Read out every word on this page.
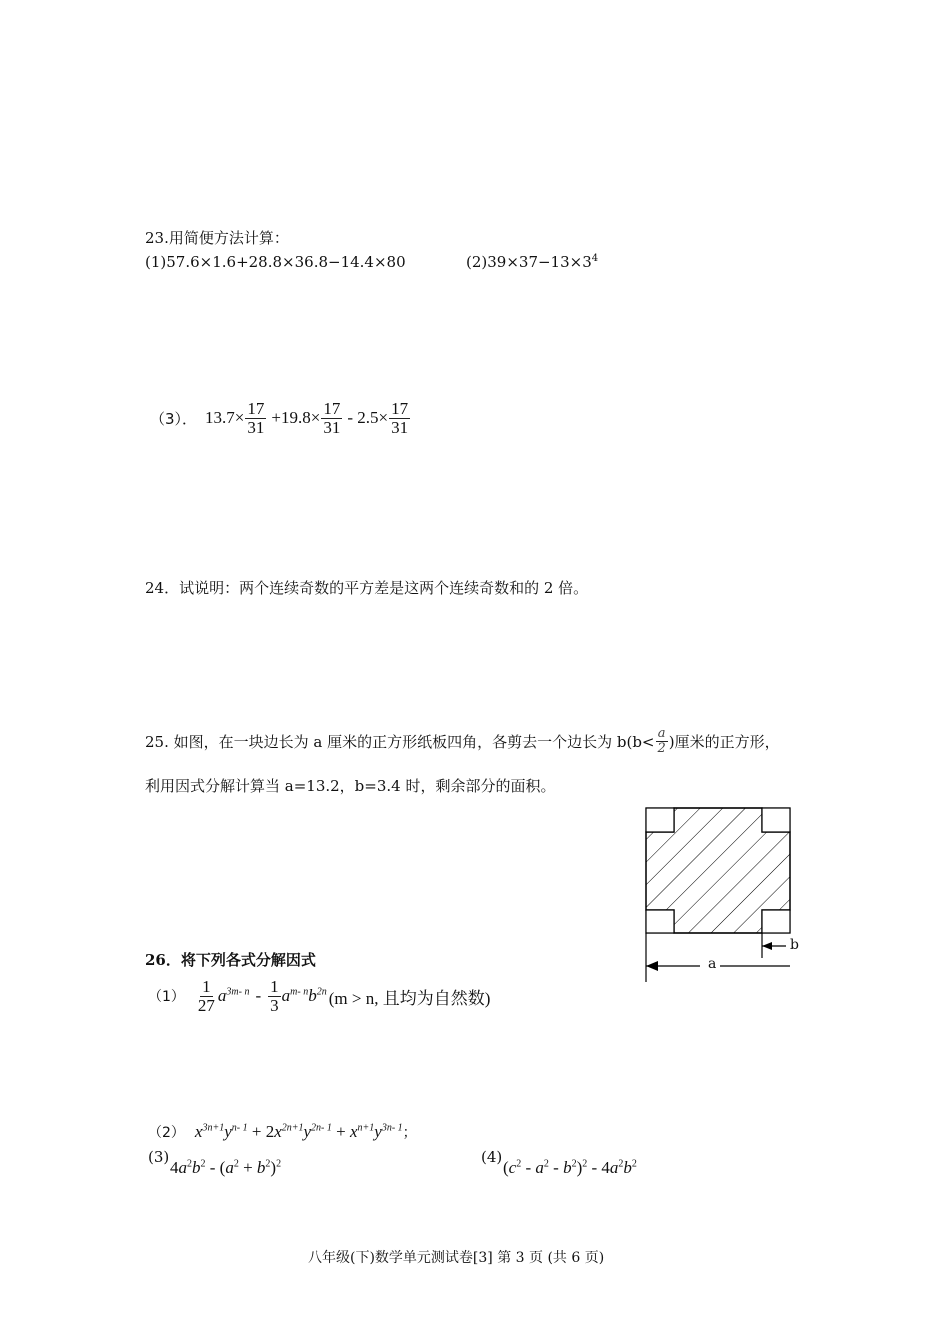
23.用简便方法计算：
(1)57.6×1.6+28.8×36.8−14.4×80	$(2)39\times 37-13\times 3^4$
（3）． $13.7\times \frac{17}{31} +19.8\times \frac{17}{31} - 2.5\times \frac{17}{31}$
24．试说明：两个连续奇数的平方差是这两个连续奇数和的 2 倍。
25. 如图，在一块边长为 a 厘米的正方形纸板四角，各剪去一个边长为 $b(b< \frac{a}{2}$ )厘米的正方形，
利用因式分解计算当 a=13.2，b=3.4 时，剩余部分的面积。
b
a
26．将下列各式分解因式
$(1) \frac{1}{27} a^{3m- n} - \frac{1}{3} a^{m- n}b^{2n}$ (m > n, 且均为自然数)
（2） $x^{3n+1}y^{n- 1} + 2x^{2n+1}y^{2n- 1} + x^{n+1}y^{3n- 1}$ ；
(3)
$4a^2b^2 - (a^2 + b^2)^2$	(4)
$(c^2 - a^2 - b^2)^2 - 4a^2b^2$
八年级(下)数学单元测试卷[3] 第 3 页 (共 6 页)
